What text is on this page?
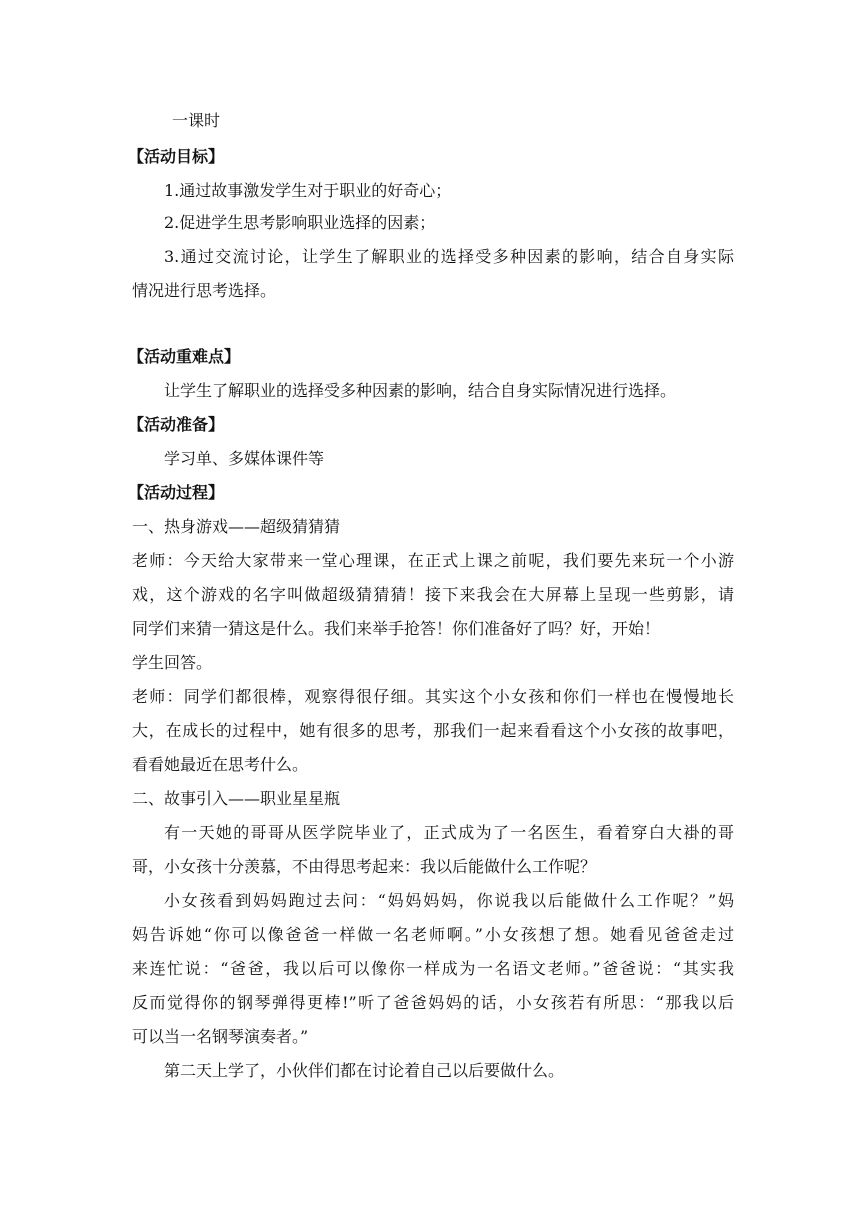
一课时
【活动目标】
1.通过故事激发学生对于职业的好奇心；
2.促进学生思考影响职业选择的因素；
3.通过交流讨论，让学生了解职业的选择受多种因素的影响，结合自身实际
情况进行思考选择。
【活动重难点】
让学生了解职业的选择受多种因素的影响，结合自身实际情况进行选择。
【活动准备】
学习单、多媒体课件等
【活动过程】
一、热身游戏——超级猜猜猜
老师：今天给大家带来一堂心理课，在正式上课之前呢，我们要先来玩一个小游
戏，这个游戏的名字叫做超级猜猜猜！接下来我会在大屏幕上呈现一些剪影，请
同学们来猜一猜这是什么。我们来举手抢答！你们准备好了吗？好，开始！
学生回答。
老师：同学们都很棒，观察得很仔细。其实这个小女孩和你们一样也在慢慢地长
大，在成长的过程中，她有很多的思考，那我们一起来看看这个小女孩的故事吧，
看看她最近在思考什么。
二、故事引入——职业星星瓶
有一天她的哥哥从医学院毕业了，正式成为了一名医生，看着穿白大褂的哥
哥，小女孩十分羡慕，不由得思考起来：我以后能做什么工作呢？
小女孩看到妈妈跑过去问：“妈妈妈妈，你说我以后能做什么工作呢？”妈
妈告诉她“你可以像爸爸一样做一名老师啊。”小女孩想了想。她看见爸爸走过
来连忙说：“爸爸，我以后可以像你一样成为一名语文老师。”爸爸说：“其实我
反而觉得你的钢琴弹得更棒!”听了爸爸妈妈的话，小女孩若有所思：“那我以后
可以当一名钢琴演奏者。”
第二天上学了，小伙伴们都在讨论着自己以后要做什么。
